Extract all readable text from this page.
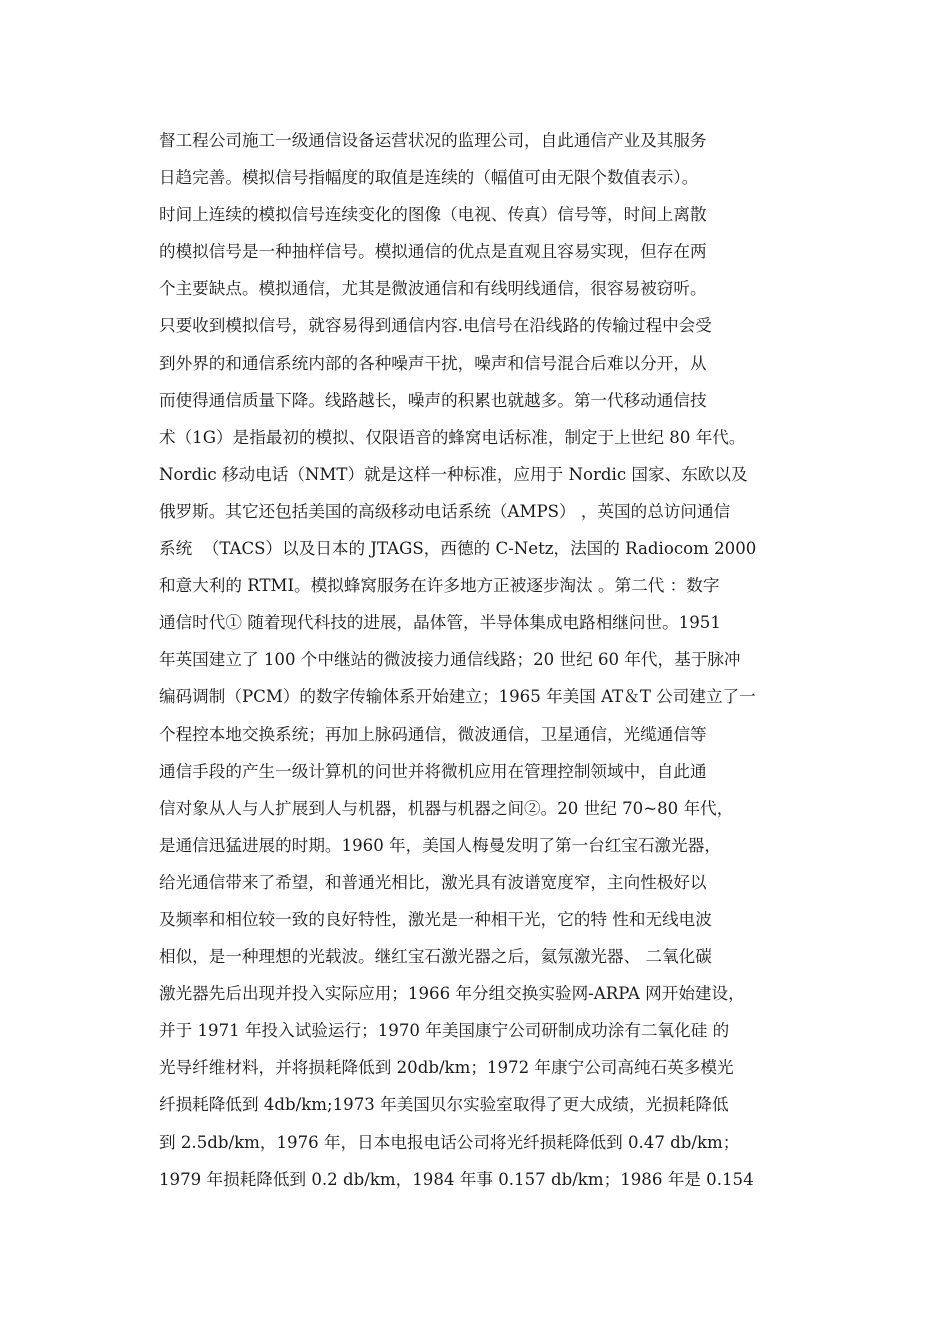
督工程公司施工一级通信设备运营状况的监理公司，自此通信产业及其服务
日趋完善。模拟信号指幅度的取值是连续的（幅值可由无限个数值表示）。
时间上连续的模拟信号连续变化的图像（电视、传真）信号等，时间上离散
的模拟信号是一种抽样信号。模拟通信的优点是直观且容易实现，但存在两
个主要缺点。模拟通信，尤其是微波通信和有线明线通信，很容易被窃听。
只要收到模拟信号，就容易得到通信内容.电信号在沿线路的传输过程中会受
到外界的和通信系统内部的各种噪声干扰，噪声和信号混合后难以分开，从
而使得通信质量下降。线路越长，噪声的积累也就越多。第一代移动通信技
术（1G）是指最初的模拟、仅限语音的蜂窝电话标准，制定于上世纪 80 年代。
Nordic 移动电话（NMT）就是这样一种标准，应用于 Nordic 国家、东欧以及
俄罗斯。其它还包括美国的高级移动电话系统（AMPS） ，英国的总访问通信
系统  （TACS）以及日本的 JTAGS，西德的 C-Netz，法国的 Radiocom 2000
和意大利的 RTMI。模拟蜂窝服务在许多地方正被逐步淘汰 。第二代 ：数字
通信时代① 随着现代科技的进展，晶体管，半导体集成电路相继问世。1951
年英国建立了 100 个中继站的微波接力通信线路；20 世纪 60 年代，基于脉冲
编码调制（PCM）的数字传输体系开始建立；1965 年美国 AT＆T 公司建立了一
个程控本地交换系统；再加上脉码通信，微波通信，卫星通信，光缆通信等
通信手段的产生一级计算机的问世并将微机应用在管理控制领域中，自此通
信对象从人与人扩展到人与机器，机器与机器之间②。20 世纪 70~80 年代，
是通信迅猛进展的时期。1960 年，美国人梅曼发明了第一台红宝石激光器，
给光通信带来了希望，和普通光相比，激光具有波谱宽度窄，主向性极好以
及频率和相位较一致的良好特性，激光是一种相干光，它的特 性和无线电波
相似，是一种理想的光载波。继红宝石激光器之后，氦氖激光器、 二氧化碳
激光器先后出现并投入实际应用；1966 年分组交换实验网-ARPA 网开始建设，
并于 1971 年投入试验运行；1970 年美国康宁公司研制成功涂有二氧化硅 的
光导纤维材料，并将损耗降低到 20db/km；1972 年康宁公司高纯石英多模光
纤损耗降低到 4db/km;1973 年美国贝尔实验室取得了更大成绩，光损耗降低
到 2.5db/km，1976 年，日本电报电话公司将光纤损耗降低到 0.47 db/km；
1979 年损耗降低到 0.2 db/km，1984 年事 0.157 db/km；1986 年是 0.154
